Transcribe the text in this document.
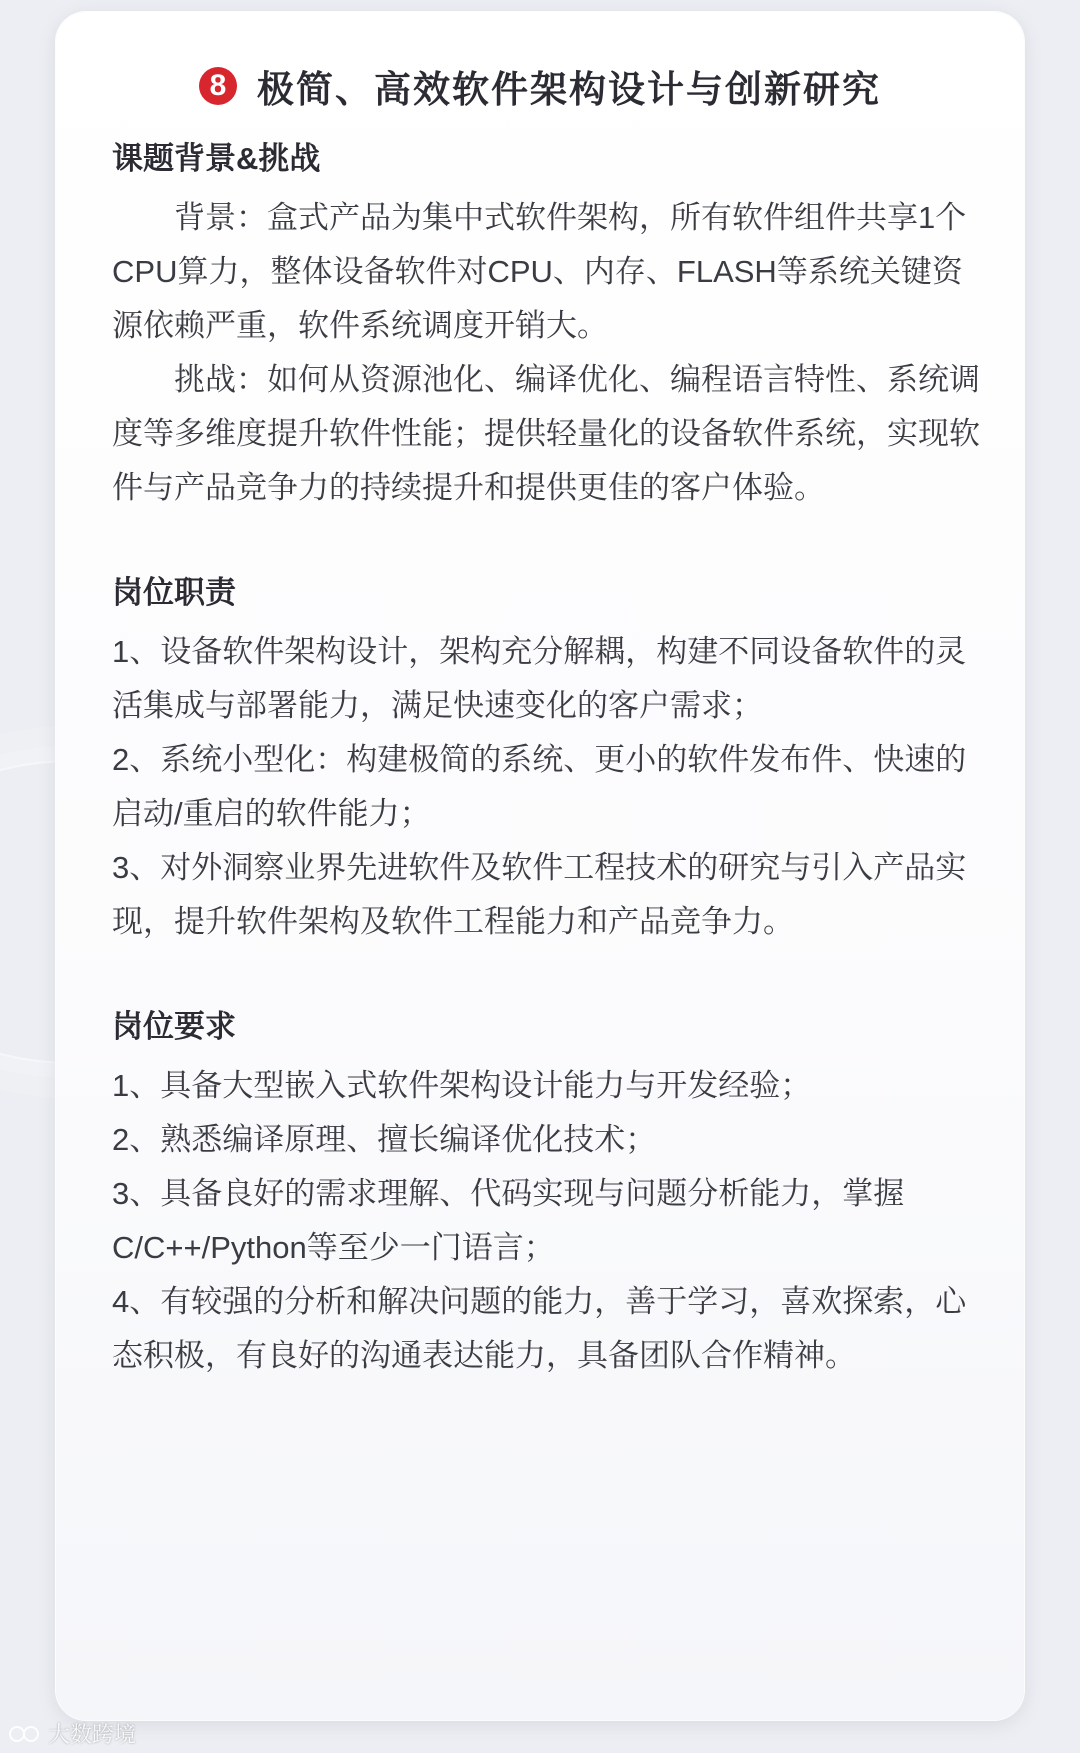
8 极简、高效软件架构设计与创新研究
课题背景&挑战
背景：盒式产品为集中式软件架构，所有软件组件共享1个CPU算力，整体设备软件对CPU、内存、FLASH等系统关键资源依赖严重，软件系统调度开销大。
挑战：如何从资源池化、编译优化、编程语言特性、系统调度等多维度提升软件性能；提供轻量化的设备软件系统，实现软件与产品竞争力的持续提升和提供更佳的客户体验。
岗位职责
1、设备软件架构设计，架构充分解耦，构建不同设备软件的灵活集成与部署能力，满足快速变化的客户需求；
2、系统小型化：构建极简的系统、更小的软件发布件、快速的启动/重启的软件能力；
3、对外洞察业界先进软件及软件工程技术的研究与引入产品实现，提升软件架构及软件工程能力和产品竞争力。
岗位要求
1、具备大型嵌入式软件架构设计能力与开发经验；
2、熟悉编译原理、擅长编译优化技术；
3、具备良好的需求理解、代码实现与问题分析能力，掌握C/C++/Python等至少一门语言；
4、有较强的分析和解决问题的能力，善于学习，喜欢探索，心态积极，有良好的沟通表达能力，具备团队合作精神。
大数跨境
